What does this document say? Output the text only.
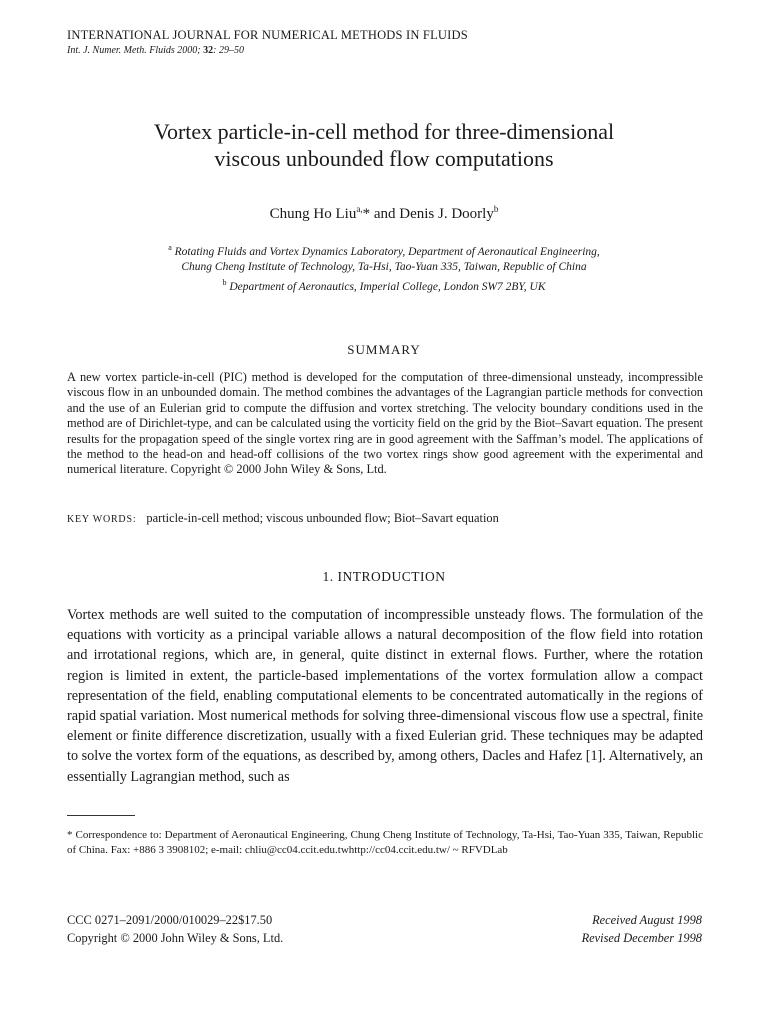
INTERNATIONAL JOURNAL FOR NUMERICAL METHODS IN FLUIDS
Int. J. Numer. Meth. Fluids 2000; 32: 29–50
Vortex particle-in-cell method for three-dimensional
viscous unbounded flow computations
Chung Ho Liu$^{a,}$* and Denis J. Doorly$^b$
$^a$ Rotating Fluids and Vortex Dynamics Laboratory, Department of Aeronautical Engineering,
Chung Cheng Institute of Technology, Ta-Hsi, Tao-Yuan 335, Taiwan, Republic of China
$^b$ Department of Aeronautics, Imperial College, London SW7 2BY, UK
SUMMARY
A new vortex particle-in-cell (PIC) method is developed for the computation of three-dimensional unsteady, incompressible viscous flow in an unbounded domain. The method combines the advantages of the Lagrangian particle methods for convection and the use of an Eulerian grid to compute the diffusion and vortex stretching. The velocity boundary conditions used in the method are of Dirichlet-type, and can be calculated using the vorticity field on the grid by the Biot–Savart equation. The present results for the propagation speed of the single vortex ring are in good agreement with the Saffman’s model. The applications of the method to the head-on and head-off collisions of the two vortex rings show good agreement with the experimental and numerical literature. Copyright © 2000 John Wiley & Sons, Ltd.
KEY WORDS: particle-in-cell method; viscous unbounded flow; Biot–Savart equation
1. INTRODUCTION
Vortex methods are well suited to the computation of incompressible unsteady flows. The formulation of the equations with vorticity as a principal variable allows a natural decomposition of the flow field into rotation and irrotational regions, which are, in general, quite distinct in external flows. Further, where the rotation region is limited in extent, the particle-based implementations of the vortex formulation allow a compact representation of the field, enabling computational elements to be concentrated automatically in the regions of rapid spatial variation. Most numerical methods for solving three-dimensional viscous flow use a spectral, finite element or finite difference discretization, usually with a fixed Eulerian grid. These techniques may be adapted to solve the vortex form of the equations, as described by, among others, Dacles and Hafez [1]. Alternatively, an essentially Lagrangian method, such as
* Correspondence to: Department of Aeronautical Engineering, Chung Cheng Institute of Technology, Ta-Hsi, Tao-Yuan 335, Taiwan, Republic of China. Fax: +886 3 3908102; e-mail: chliu@cc04.ccit.edu.twhttp://cc04.ccit.edu.tw/ ~ RFVDLab
CCC 0271–2091/2000/010029–22$17.50
Copyright © 2000 John Wiley & Sons, Ltd.
Received August 1998
Revised December 1998
